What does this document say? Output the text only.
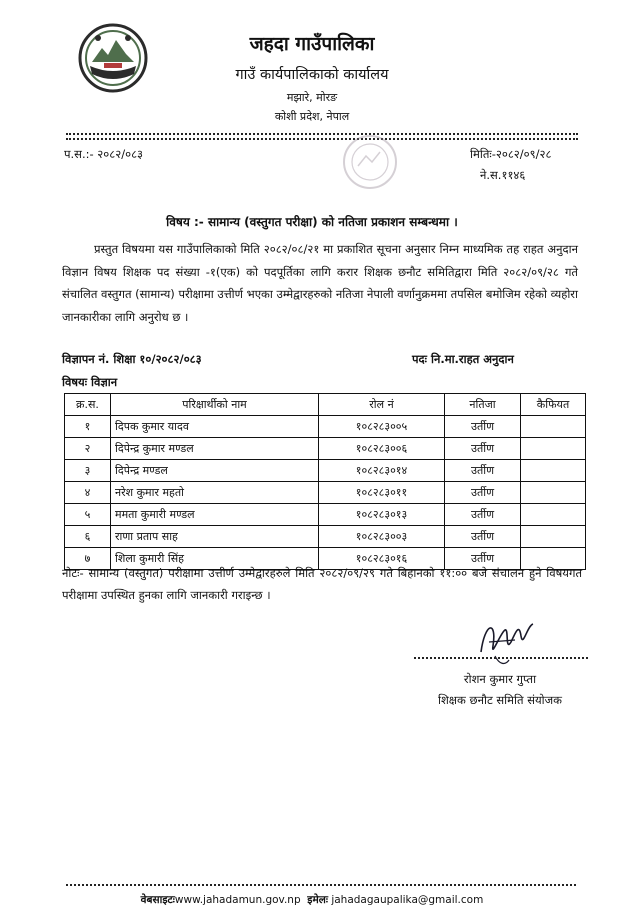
जहदा गाउँपालिका
गाउँ कार्यपालिकाको कार्यालय
मझारे, मोरङ
कोशी प्रदेश, नेपाल
प.स.:- २०८२/०८३	मितिः-२०८२/०९/२८
ने.स.११४६
विषय :- सामान्य (वस्तुगत परीक्षा) को नतिजा प्रकाशन सम्बन्धमा ।
प्रस्तुत विषयमा यस गाउँपालिकाको मिति २०८२/०८/२१ मा प्रकाशित सूचना अनुसार निम्न माध्यमिक तह राहत अनुदान विज्ञान विषय शिक्षक पद संख्या -१(एक) को पदपूर्तिका लागि करार शिक्षक छनौट समितिद्वारा मिति २०८२/०९/२८ गते संचालित वस्तुगत (सामान्य) परीक्षामा उत्तीर्ण भएका उम्मेद्वारहरुको नतिजा नेपाली वर्णानुक्रममा तपसिल बमोजिम रहेको व्यहोरा जानकारीका लागि अनुरोध छ ।
विज्ञापन नं. शिक्षा १०/२०८२/०८३	पदः नि.मा.राहत अनुदान
विषयः विज्ञान
क्र.स.	परिक्षार्थीको नाम	रोल नं	नतिजा	कैफियत
१	दिपक कुमार यादव	१०८२८३००५	उर्तीण	
२	दिपेन्द्र कुमार मण्डल	१०८२८३००६	उर्तीण	
३	दिपेन्द्र मण्डल	१०८२८३०१४	उर्तीण	
४	नरेश कुमार महतो	१०८२८३०११	उर्तीण	
५	ममता कुमारी मण्डल	१०८२८३०१३	उर्तीण	
६	राणा प्रताप साह	१०८२८३००३	उर्तीण	
७	शिला कुमारी सिंह	१०८२८३०१६	उर्तीण	
नोटः- सामान्य (वस्तुगत) परीक्षामा उत्तीर्ण उम्मेद्वारहरुले मिति २०८२/०९/२९ गते बिहानको ११:०० बजे संचालन हुने विषयगत परीक्षामा उपस्थित हुनका लागि जानकारी गराइन्छ ।
रोशन कुमार गुप्ता
शिक्षक छनौट समिति संयोजक
वेबसाइटःwww.jahadamun.gov.np इमेलः jahadagaupalika@gmail.com
